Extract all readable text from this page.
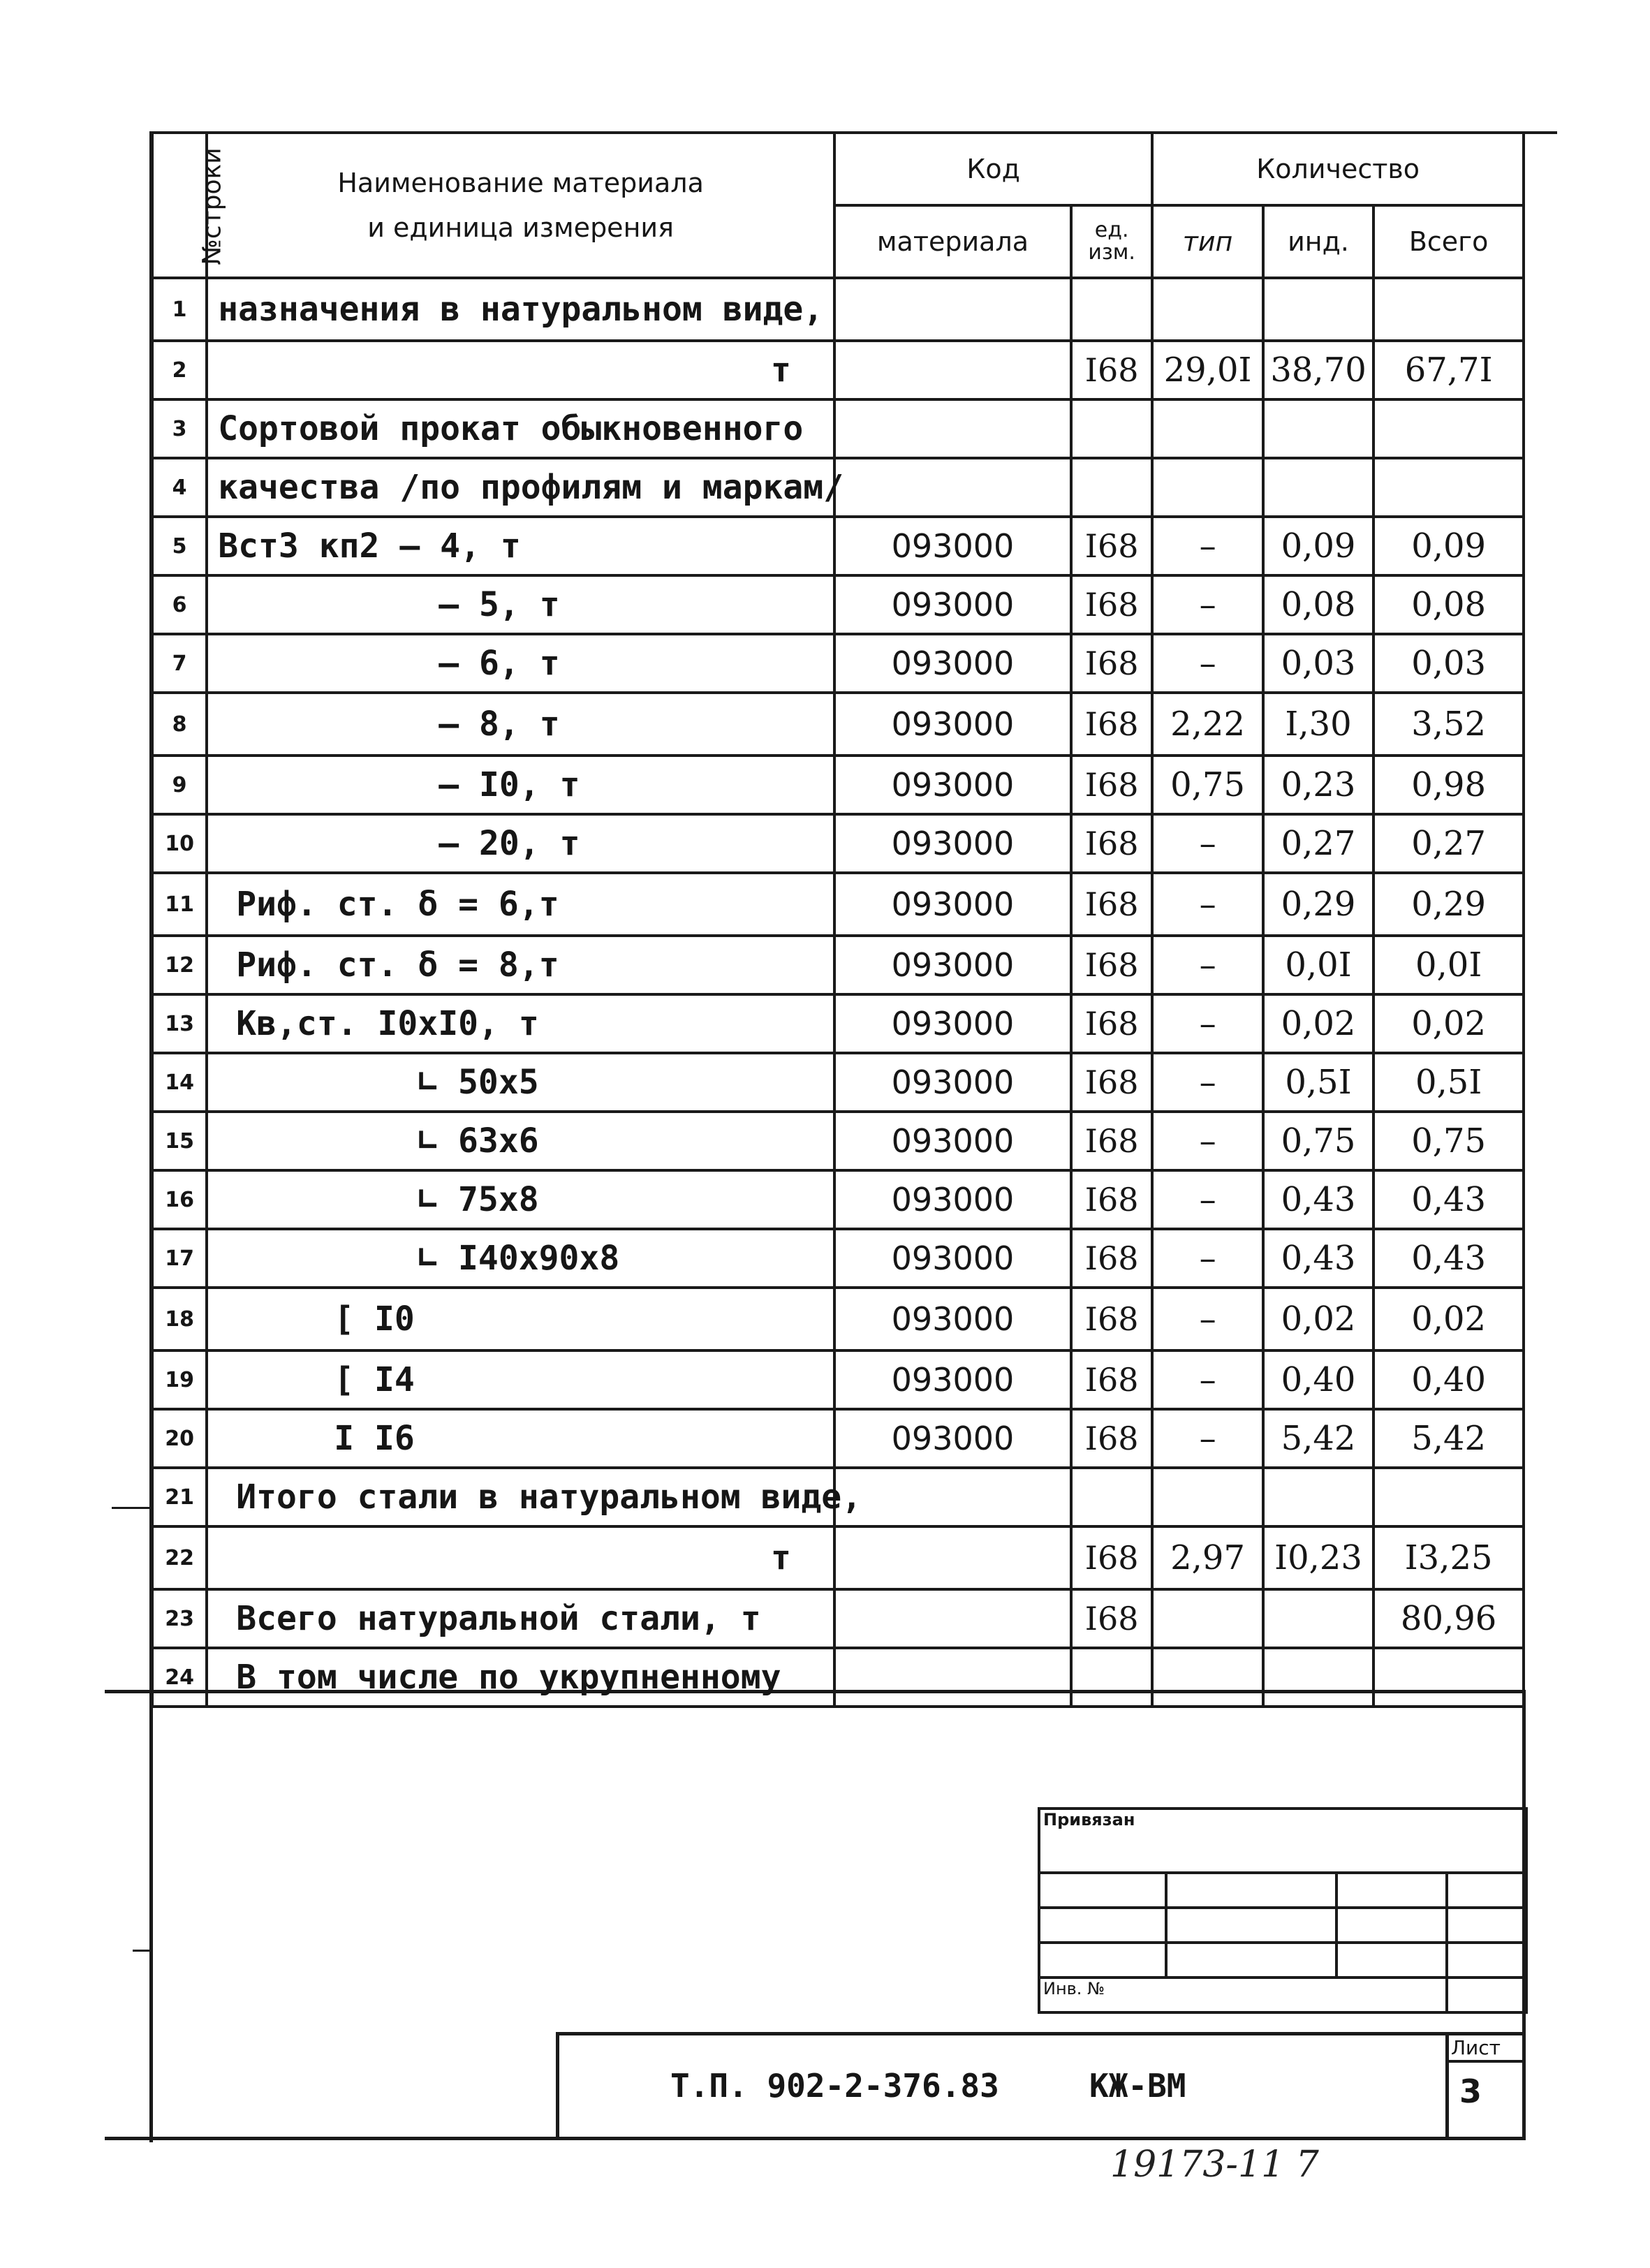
№строки	Наименование материала
и единица измерения	Код		Количество		
		материала	ед. изм.	тип	инд.	Всего
1	назначения в натуральном виде,					
2	т		I68	29,0I	38,70	67,7I
3	Сортовой прокат обыкновенного					
4	качества /по профилям и маркам/					
5	Вст3 кп2 – 4, т	093000	I68	–	0,09	0,09
6	– 5, т	093000	I68	–	0,08	0,08
7	– 6, т	093000	I68	–	0,03	0,03
8	– 8, т	093000	I68	2,22	I,30	3,52
9	– I0, т	093000	I68	0,75	0,23	0,98
10	– 20, т	093000	I68	–	0,27	0,27
11	Риф. ст. δ = 6,т	093000	I68	–	0,29	0,29
12	Риф. ст. δ = 8,т	093000	I68	–	0,0I	0,0I
13	Кв,ст. I0хI0, т	093000	I68	–	0,02	0,02
14	∟ 50х5	093000	I68	–	0,5I	0,5I
15	∟ 63х6	093000	I68	–	0,75	0,75
16	∟ 75х8	093000	I68	–	0,43	0,43
17	∟ I40х90х8	093000	I68	–	0,43	0,43
18	[ I0	093000	I68	–	0,02	0,02
19	[ I4	093000	I68	–	0,40	0,40
20	I I6	093000	I68	–	5,42	5,42
21	Итого стали в натуральном виде,					
22	т		I68	2,97	I0,23	I3,25
23	Всего натуральной стали, т		I68			80,96
24	В том числе по укрупненному					
Привязан			

Инв. №			
Т.П. 902-2-376.83	КЖ-ВМ
Лист
3
19173-11 7
